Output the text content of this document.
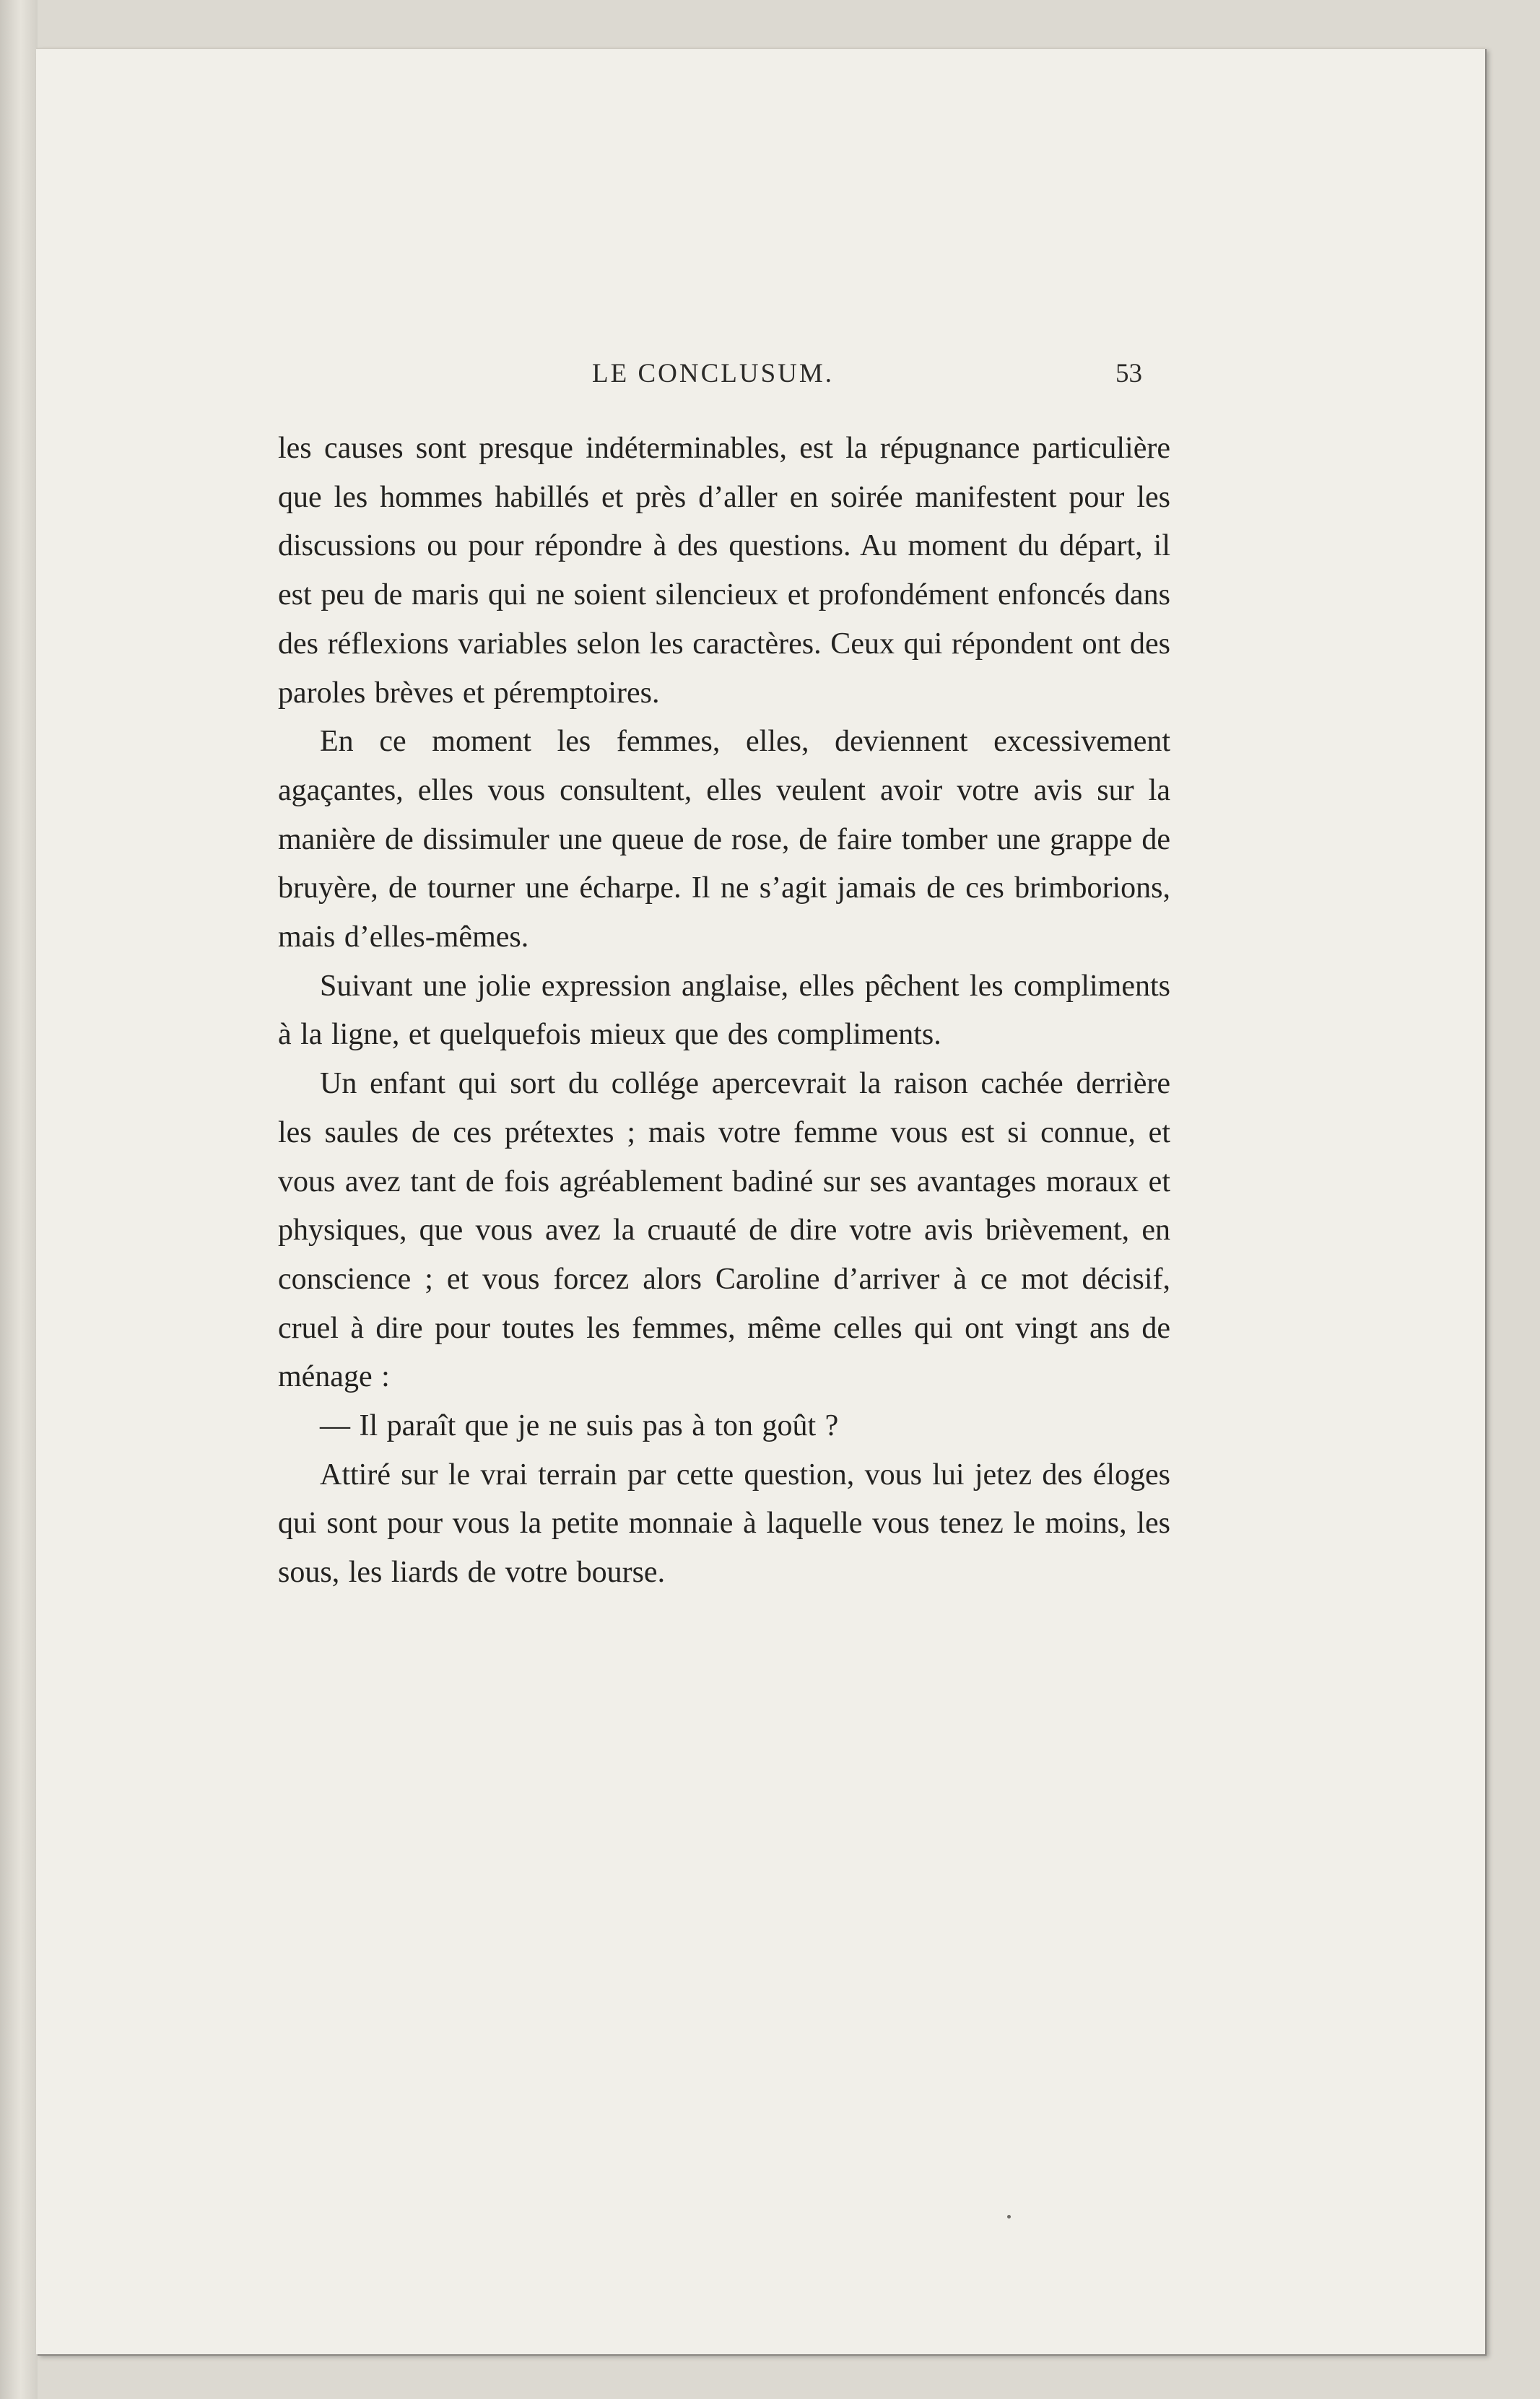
LE CONCLUSUM.	53

les causes sont presque indéterminables, est la répugnance particulière que les hommes habillés et près d’aller en soirée manifestent pour les discussions ou pour répondre à des questions. Au moment du départ, il est peu de maris qui ne soient silencieux et profondément enfoncés dans des réflexions variables selon les caractères. Ceux qui répondent ont des paroles brèves et péremptoires.

En ce moment les femmes, elles, deviennent excessivement agaçantes, elles vous consultent, elles veulent avoir votre avis sur la manière de dissimuler une queue de rose, de faire tomber une grappe de bruyère, de tourner une écharpe. Il ne s’agit jamais de ces brimborions, mais d’elles-mêmes.

Suivant une jolie expression anglaise, elles pêchent les compliments à la ligne, et quelquefois mieux que des compliments.

Un enfant qui sort du collége apercevrait la raison cachée derrière les saules de ces prétextes ; mais votre femme vous est si connue, et vous avez tant de fois agréablement badiné sur ses avantages moraux et physiques, que vous avez la cruauté de dire votre avis brièvement, en conscience ; et vous forcez alors Caroline d’arriver à ce mot décisif, cruel à dire pour toutes les femmes, même celles qui ont vingt ans de ménage :

— Il paraît que je ne suis pas à ton goût ?

Attiré sur le vrai terrain par cette question, vous lui jetez des éloges qui sont pour vous la petite monnaie à laquelle vous tenez le moins, les sous, les liards de votre bourse.
